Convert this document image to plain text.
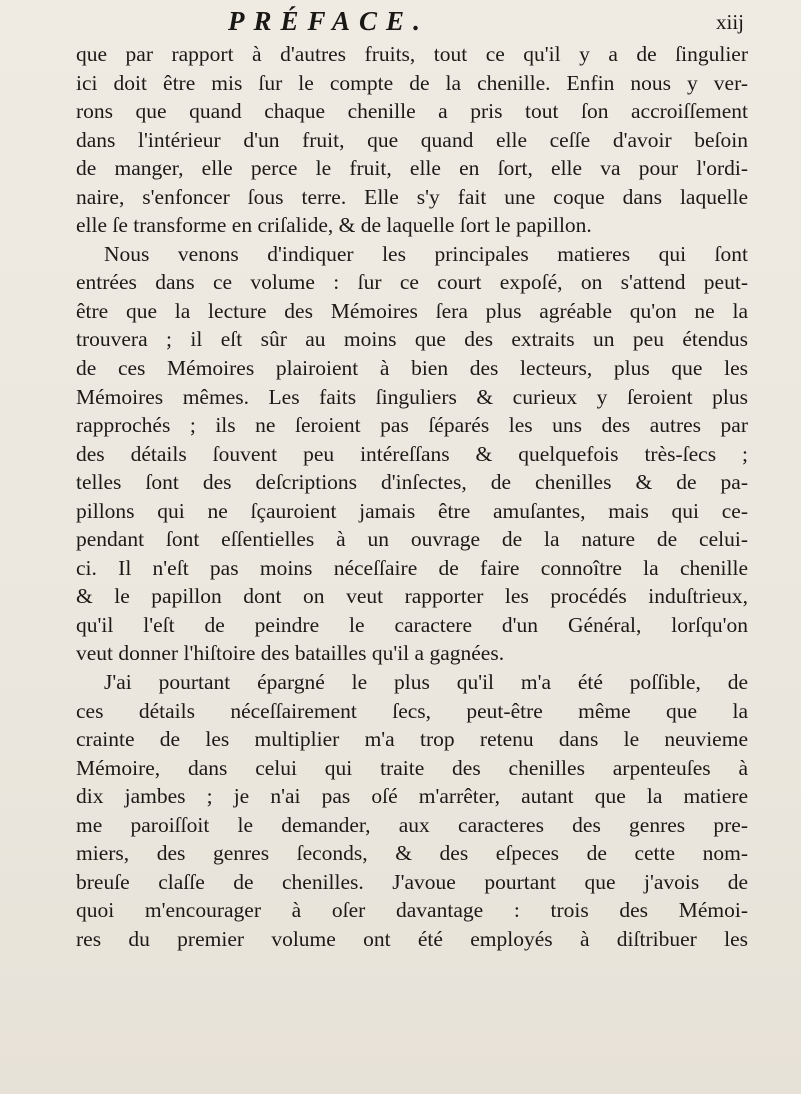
PRÉFACE.	xiij
que par rapport à d'autres fruits, tout ce qu'il y a de ſingulier
ici doit être mis ſur le compte de la chenille. Enfin nous y ver-
rons que quand chaque chenille a pris tout ſon accroiſſement
dans l'intérieur d'un fruit, que quand elle ceſſe d'avoir beſoin
de manger, elle perce le fruit, elle en ſort, elle va pour l'ordi-
naire, s'enfoncer ſous terre. Elle s'y fait une coque dans laquelle
elle ſe transforme en criſalide, & de laquelle ſort le papillon.
Nous venons d'indiquer les principales matieres qui ſont
entrées dans ce volume : ſur ce court expoſé, on s'attend peut-
être que la lecture des Mémoires ſera plus agréable qu'on ne la
trouvera ; il eſt sûr au moins que des extraits un peu étendus
de ces Mémoires plairoient à bien des lecteurs, plus que les
Mémoires mêmes. Les faits ſinguliers & curieux y ſeroient plus
rapprochés ; ils ne ſeroient pas ſéparés les uns des autres par
des détails ſouvent peu intéreſſans & quelquefois très-ſecs ;
telles ſont des deſcriptions d'inſectes, de chenilles & de pa-
pillons qui ne ſçauroient jamais être amuſantes, mais qui ce-
pendant ſont eſſentielles à un ouvrage de la nature de celui-
ci. Il n'eſt pas moins néceſſaire de faire connoître la chenille
& le papillon dont on veut rapporter les procédés induſtrieux,
qu'il l'eſt de peindre le caractere d'un Général, lorſqu'on
veut donner l'hiſtoire des batailles qu'il a gagnées.
J'ai pourtant épargné le plus qu'il m'a été poſſible, de
ces détails néceſſairement ſecs, peut-être même que la
crainte de les multiplier m'a trop retenu dans le neuvieme
Mémoire, dans celui qui traite des chenilles arpenteuſes à
dix jambes ; je n'ai pas oſé m'arrêter, autant que la matiere
me paroiſſoit le demander, aux caracteres des genres pre-
miers, des genres ſeconds, & des eſpeces de cette nom-
breuſe claſſe de chenilles. J'avoue pourtant que j'avois de
quoi m'encourager à oſer davantage : trois des Mémoi-
res du premier volume ont été employés à diſtribuer les
